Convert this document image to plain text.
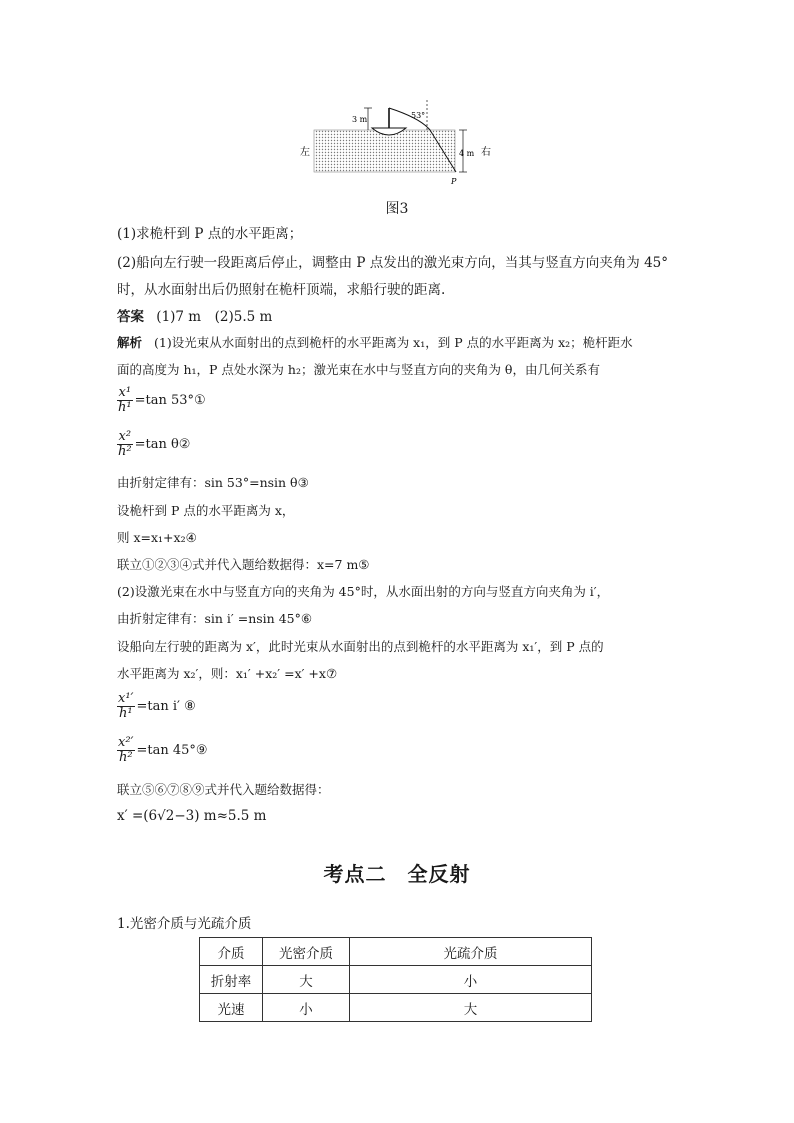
3 m	53°
左	4 m 右
P
图3
(1)求桅杆到 P 点的水平距离；
(2)船向左行驶一段距离后停止，调整由 P 点发出的激光束方向，当其与竖直方向夹角为 45°
时，从水面射出后仍照射在桅杆顶端，求船行驶的距离.
答案 (1)7 m　(2)5.5 m
解析 (1)设光束从水面射出的点到桅杆的水平距离为 x₁，到 P 点的水平距离为 x₂；桅杆距水
面的高度为 h₁，P 点处水深为 h₂；激光束在水中与竖直方向的夹角为 θ，由几何关系有
$\frac{\text{x¹}}{\text{h¹}} =\tan$ 53°①
$\frac{\text{x²}}{\text{h²}} =\tan$ θ②
由折射定律有：sin 53°=nsin θ③
设桅杆到 P 点的水平距离为 x，
则 x=x₁+x₂④
联立①②③④式并代入题给数据得：x=7 m⑤
(2)设激光束在水中与竖直方向的夹角为 45°时，从水面出射的方向与竖直方向夹角为 i′，
由折射定律有：sin i′ =nsin 45°⑥
设船向左行驶的距离为 x′，此时光束从水面射出的点到桅杆的水平距离为 x₁′，到 P 点的
水平距离为 x₂′，则：x₁′ +x₂′ =x′ +x⑦
$\frac{\text{x¹′}}{\text{h¹}} =\tan$ i′ ⑧
$\frac{\text{x²′}}{\text{h²}} =\tan$ 45°⑨
联立⑤⑥⑦⑧⑨式并代入题给数据得：
x′ =(6√2−3) m≈5.5 m
考点二　全反射
1.光密介质与光疏介质
介质	光密介质	光疏介质
折射率	大	小
光速	小	大
